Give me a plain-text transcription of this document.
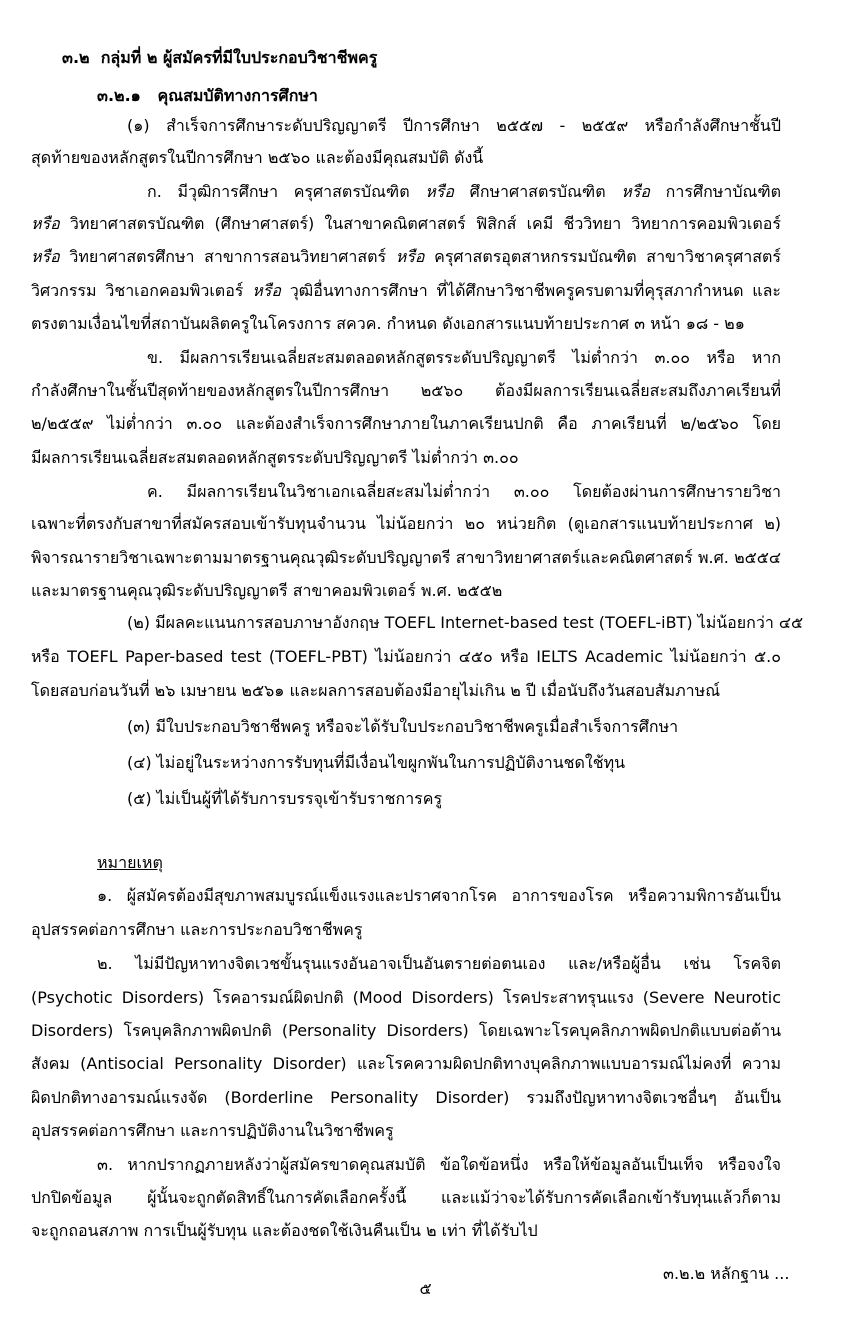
๓.๒ กลุ่มที่ ๒ ผู้สมัครที่มีใบประกอบวิชาชีพครู

๓.๒.๑ คุณสมบัติทางการศึกษา

(๑) สำเร็จการศึกษาระดับปริญญาตรี ปีการศึกษา ๒๕๕๗ - ๒๕๕๙ หรือกำลังศึกษาชั้นปี

สุดท้ายของหลักสูตรในปีการศึกษา ๒๕๖๐ และต้องมีคุณสมบัติ ดังนี้

ก. มีวุฒิการศึกษา ครุศาสตรบัณฑิต หรือ ศึกษาศาสตรบัณฑิต หรือ การศึกษาบัณฑิต

หรือ วิทยาศาสตรบัณฑิต (ศึกษาศาสตร์) ในสาขาคณิตศาสตร์ ฟิสิกส์ เคมี ชีววิทยา วิทยาการคอมพิวเตอร์

หรือ วิทยาศาสตรศึกษา สาขาการสอนวิทยาศาสตร์ หรือ ครุศาสตรอุตสาหกรรมบัณฑิต สาขาวิชาครุศาสตร์

วิศวกรรม วิชาเอกคอมพิวเตอร์ หรือ วุฒิอื่นทางการศึกษา ที่ได้ศึกษาวิชาชีพครูครบตามที่คุรุสภากำหนด และ

ตรงตามเงื่อนไขที่สถาบันผลิตครูในโครงการ สควค. กำหนด ดังเอกสารแนบท้ายประกาศ ๓ หน้า ๑๘ - ๒๑

ข. มีผลการเรียนเฉลี่ยสะสมตลอดหลักสูตรระดับปริญญาตรี ไม่ต่ำกว่า ๓.๐๐ หรือ หาก

กำลังศึกษาในชั้นปีสุดท้ายของหลักสูตรในปีการศึกษา ๒๕๖๐ ต้องมีผลการเรียนเฉลี่ยสะสมถึงภาคเรียนที่

๒/๒๕๕๙ ไม่ต่ำกว่า ๓.๐๐ และต้องสำเร็จการศึกษาภายในภาคเรียนปกติ คือ ภาคเรียนที่ ๒/๒๕๖๐ โดย

มีผลการเรียนเฉลี่ยสะสมตลอดหลักสูตรระดับปริญญาตรี ไม่ต่ำกว่า ๓.๐๐

ค. มีผลการเรียนในวิชาเอกเฉลี่ยสะสมไม่ต่ำกว่า ๓.๐๐ โดยต้องผ่านการศึกษารายวิชา

เฉพาะที่ตรงกับสาขาที่สมัครสอบเข้ารับทุนจำนวน ไม่น้อยกว่า ๒๐ หน่วยกิต (ดูเอกสารแนบท้ายประกาศ ๒)

พิจารณารายวิชาเฉพาะตามมาตรฐานคุณวุฒิระดับปริญญาตรี สาขาวิทยาศาสตร์และคณิตศาสตร์ พ.ศ. ๒๕๕๔

และมาตรฐานคุณวุฒิระดับปริญญาตรี สาขาคอมพิวเตอร์ พ.ศ. ๒๕๕๒

(๒) มีผลคะแนนการสอบภาษาอังกฤษ TOEFL Internet-based test (TOEFL-iBT) ไม่น้อยกว่า ๔๕

หรือ TOEFL Paper-based test (TOEFL-PBT) ไม่น้อยกว่า ๔๕๐ หรือ IELTS Academic ไม่น้อยกว่า ๕.๐

โดยสอบก่อนวันที่ ๒๖ เมษายน ๒๕๖๑ และผลการสอบต้องมีอายุไม่เกิน ๒ ปี เมื่อนับถึงวันสอบสัมภาษณ์

(๓) มีใบประกอบวิชาชีพครู หรือจะได้รับใบประกอบวิชาชีพครูเมื่อสำเร็จการศึกษา

(๔) ไม่อยู่ในระหว่างการรับทุนที่มีเงื่อนไขผูกพันในการปฏิบัติงานชดใช้ทุน

(๕) ไม่เป็นผู้ที่ได้รับการบรรจุเข้ารับราชการครู

หมายเหตุ

๑. ผู้สมัครต้องมีสุขภาพสมบูรณ์แข็งแรงและปราศจากโรค อาการของโรค หรือความพิการอันเป็น

อุปสรรคต่อการศึกษา และการประกอบวิชาชีพครู

๒. ไม่มีปัญหาทางจิตเวชขั้นรุนแรงอันอาจเป็นอันตรายต่อตนเอง และ/หรือผู้อื่น เช่น โรคจิต

(Psychotic Disorders) โรคอารมณ์ผิดปกติ (Mood Disorders) โรคประสาทรุนแรง (Severe Neurotic

Disorders) โรคบุคลิกภาพผิดปกติ (Personality Disorders) โดยเฉพาะโรคบุคลิกภาพผิดปกติแบบต่อต้าน

สังคม (Antisocial Personality Disorder) และโรคความผิดปกติทางบุคลิกภาพแบบอารมณ์ไม่คงที่ ความ

ผิดปกติทางอารมณ์แรงจัด (Borderline Personality Disorder) รวมถึงปัญหาทางจิตเวชอื่นๆ อันเป็น

อุปสรรคต่อการศึกษา และการปฏิบัติงานในวิชาชีพครู

๓. หากปรากฏภายหลังว่าผู้สมัครขาดคุณสมบัติ ข้อใดข้อหนึ่ง หรือให้ข้อมูลอันเป็นเท็จ หรือจงใจ

ปกปิดข้อมูล ผู้นั้นจะถูกตัดสิทธิ์ในการคัดเลือกครั้งนี้ และแม้ว่าจะได้รับการคัดเลือกเข้ารับทุนแล้วก็ตาม

จะถูกถอนสภาพ การเป็นผู้รับทุน และต้องชดใช้เงินคืนเป็น ๒ เท่า ที่ได้รับไป

๓.๒.๒ หลักฐาน ...

๕
